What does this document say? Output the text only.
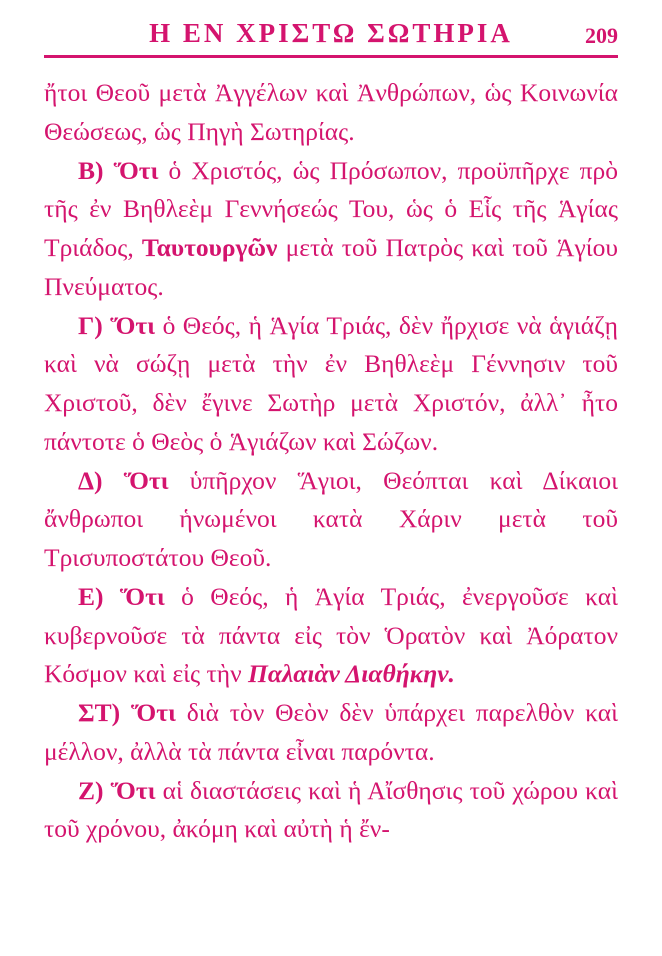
Η ΕΝ ΧΡΙΣΤΩ ΣΩΤΗΡΙΑ	209

ἤτοι Θεοῦ μετὰ Ἀγγέλων καὶ Ἀνθρώπων, ὡς Κοινωνία Θεώσεως, ὡς Πηγὴ Σωτηρίας.

Β) Ὅτι ὁ Χριστός, ὡς Πρόσωπον, προϋπῆρχε πρὸ τῆς ἐν Βηθλεὲμ Γεννήσεώς Του, ὡς ὁ Εἷς τῆς Ἁγίας Τριάδος, Ταυτουργῶν μετὰ τοῦ Πατρὸς καὶ τοῦ Ἁγίου Πνεύματος.

Γ) Ὅτι ὁ Θεός, ἡ Ἁγία Τριάς, δὲν ἤρχισε νὰ ἁγιάζῃ καὶ νὰ σώζῃ μετὰ τὴν ἐν Βηθλεὲμ Γέννησιν τοῦ Χριστοῦ, δὲν ἔγινε Σωτὴρ μετὰ Χριστόν, ἀλλ᾿ ἦτο πάντοτε ὁ Θεὸς ὁ Ἁγιάζων καὶ Σώζων.

Δ) Ὅτι ὑπῆρχον Ἅγιοι, Θεόπται καὶ Δίκαιοι ἄνθρωποι ἡνωμένοι κατὰ Χάριν μετὰ τοῦ Τρισυποστάτου Θεοῦ.

Ε) Ὅτι ὁ Θεός, ἡ Ἁγία Τριάς, ἐνεργοῦσε καὶ κυβερνοῦσε τὰ πάντα εἰς τὸν Ὁρατὸν καὶ Ἀόρατον Κόσμον καὶ εἰς τὴν Παλαιὰν Διαθήκην.

ΣΤ) Ὅτι διὰ τὸν Θεὸν δὲν ὑπάρχει παρελθὸν καὶ μέλλον, ἀλλὰ τὰ πάντα εἶναι παρόντα.

Ζ) Ὅτι αἱ διαστάσεις καὶ ἡ Αἴσθησις τοῦ χώρου καὶ τοῦ χρόνου, ἀκόμη καὶ αὐτὴ ἡ ἔν-
